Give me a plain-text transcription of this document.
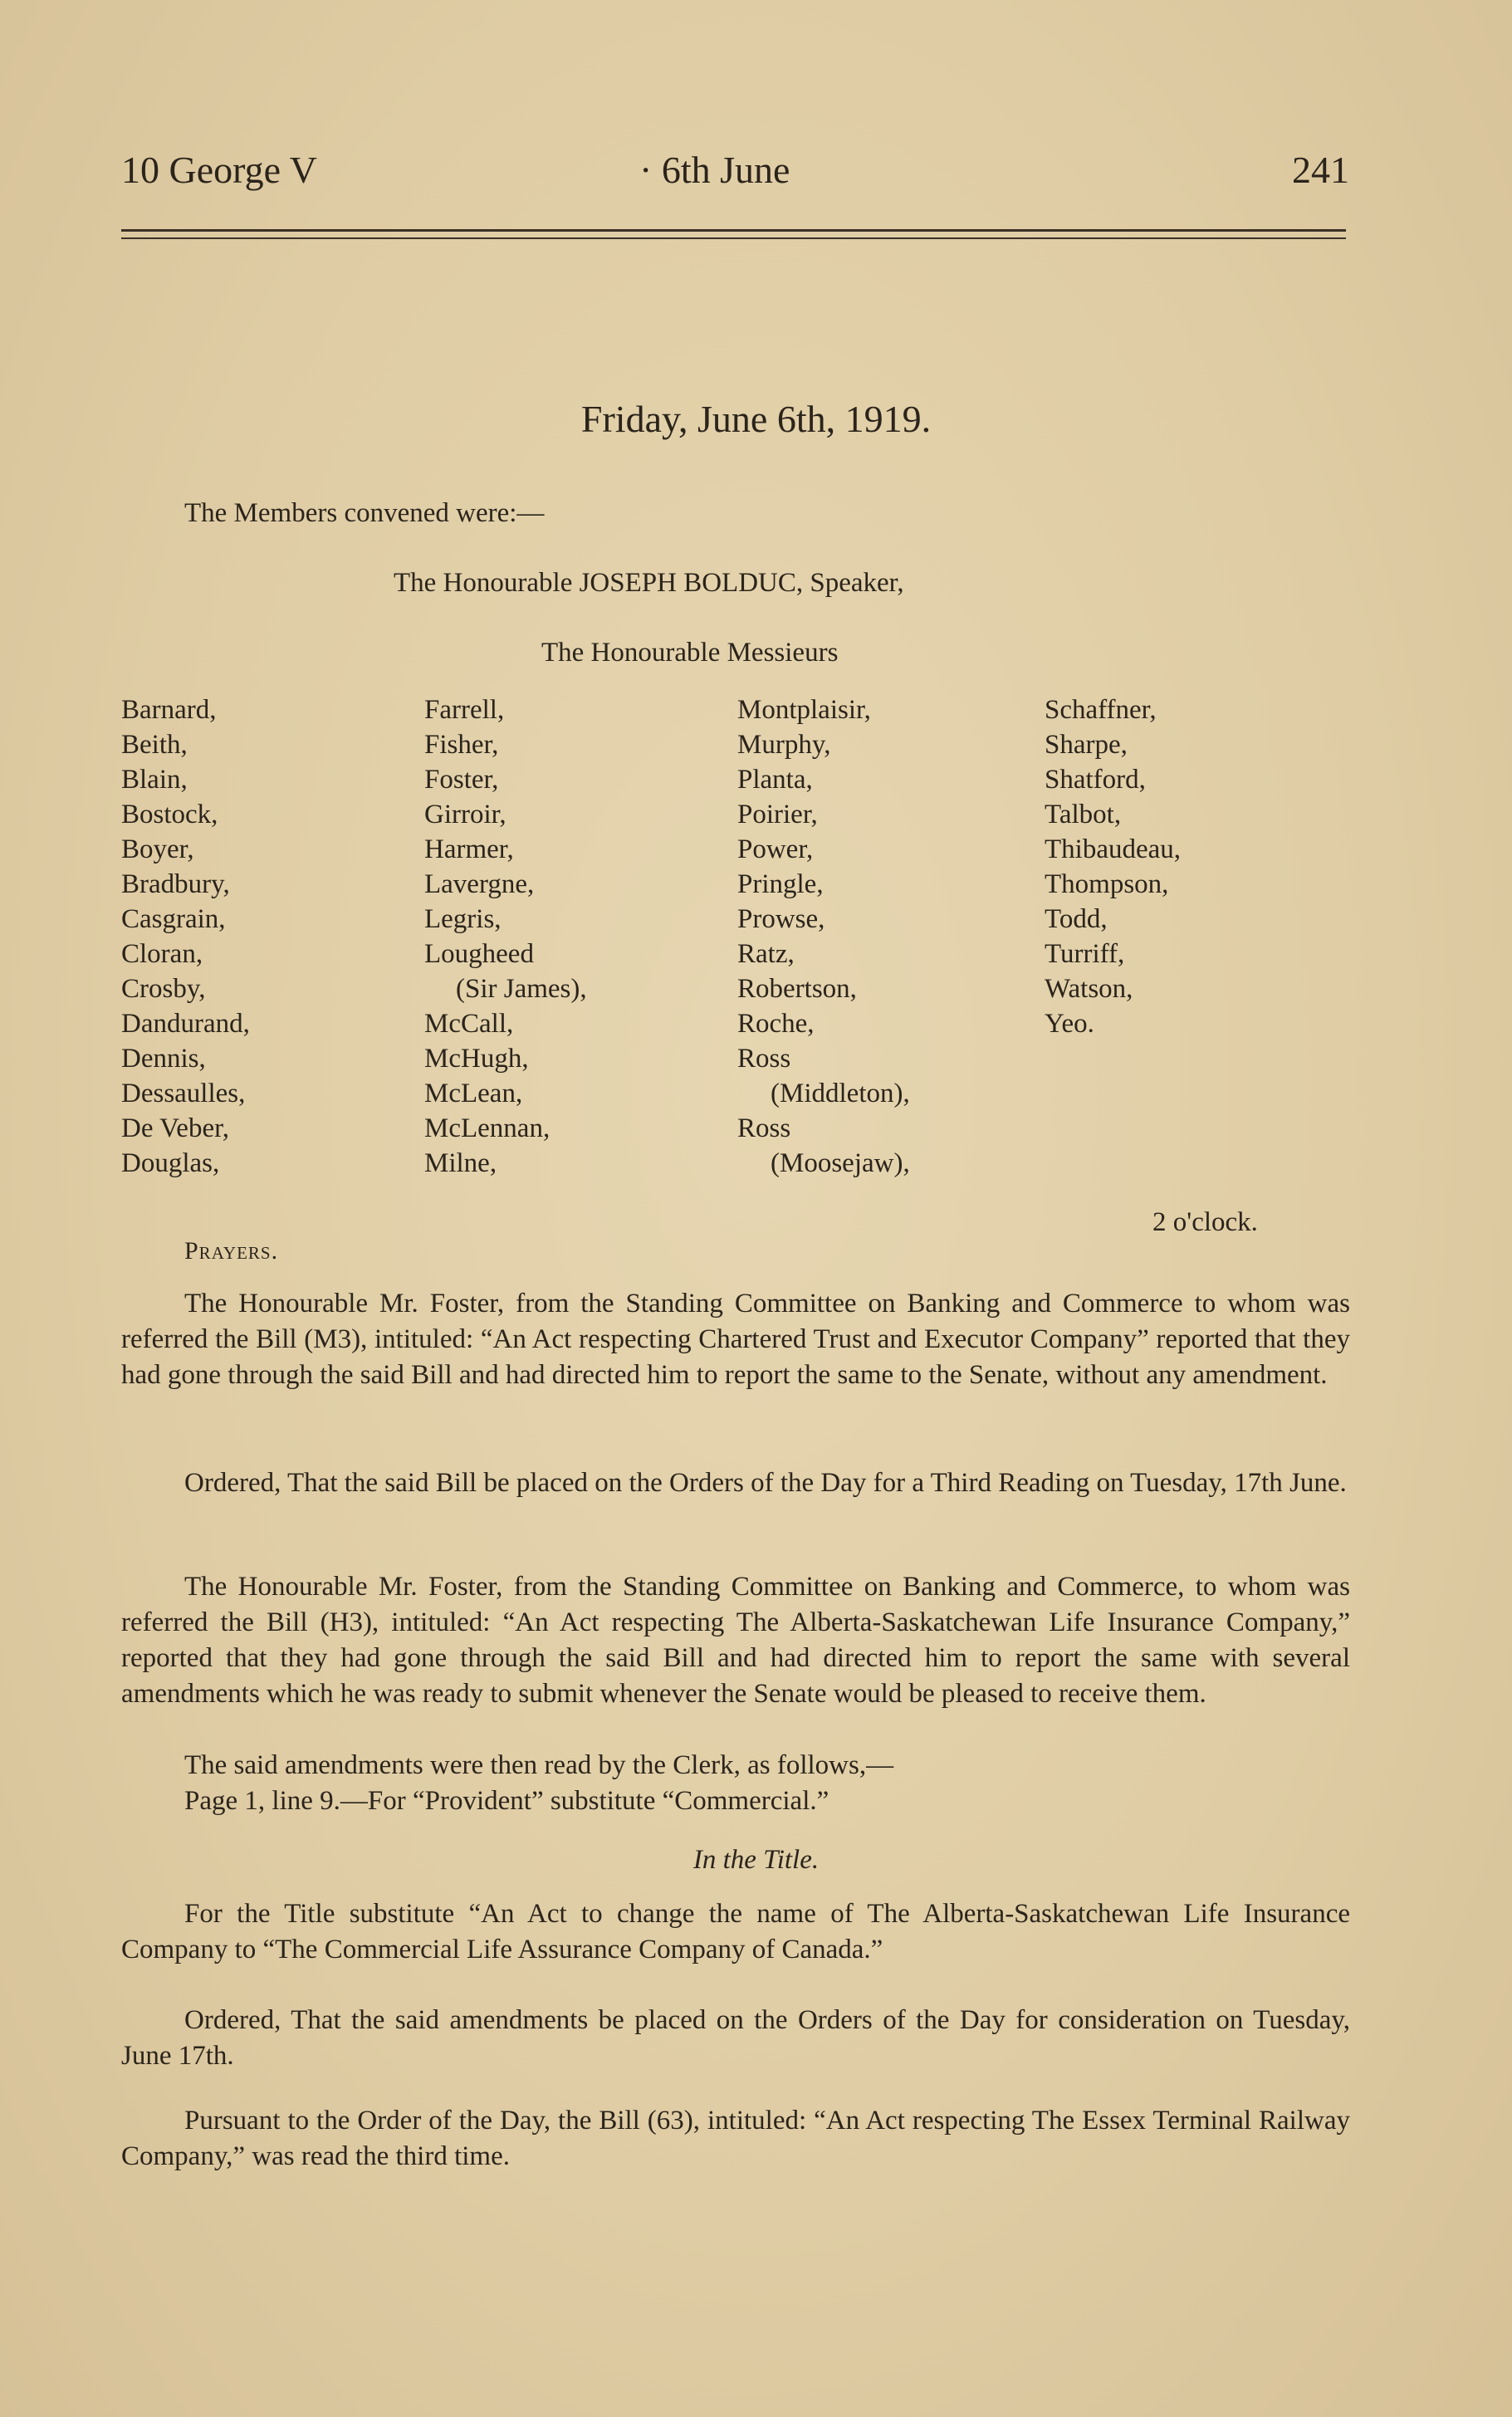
10 George V	· 6th June	241
Friday, June 6th, 1919.
The Members convened were:—
The Honourable JOSEPH BOLDUC, Speaker,
The Honourable Messieurs
Barnard,
Beith,
Blain,
Bostock,
Boyer,
Bradbury,
Casgrain,
Cloran,
Crosby,
Dandurand,
Dennis,
Dessaulles,
De Veber,
Douglas,
Farrell,
Fisher,
Foster,
Girroir,
Harmer,
Lavergne,
Legris,
Lougheed
(Sir James),
McCall,
McHugh,
McLean,
McLennan,
Milne,
Montplaisir,
Murphy,
Planta,
Poirier,
Power,
Pringle,
Prowse,
Ratz,
Robertson,
Roche,
Ross
(Middleton),
Ross
(Moosejaw),
Schaffner,
Sharpe,
Shatford,
Talbot,
Thibaudeau,
Thompson,
Todd,
Turriff,
Watson,
Yeo.
2 o'clock.
Prayers.
The Honourable Mr. Foster, from the Standing Committee on Banking and Commerce to whom was referred the Bill (M3), intituled: “An Act respecting Chartered Trust and Executor Company” reported that they had gone through the said Bill and had directed him to report the same to the Senate, without any amendment.
Ordered, That the said Bill be placed on the Orders of the Day for a Third Reading on Tuesday, 17th June.
The Honourable Mr. Foster, from the Standing Committee on Banking and Commerce, to whom was referred the Bill (H3), intituled: “An Act respecting The Alberta-Saskatchewan Life Insurance Company,” reported that they had gone through the said Bill and had directed him to report the same with several amendments which he was ready to submit whenever the Senate would be pleased to receive them.
The said amendments were then read by the Clerk, as follows,—
Page 1, line 9.—For “Provident” substitute “Commercial.”
In the Title.
For the Title substitute “An Act to change the name of The Alberta-Saskatchewan Life Insurance Company to “The Commercial Life Assurance Company of Canada.”
Ordered, That the said amendments be placed on the Orders of the Day for consideration on Tuesday, June 17th.
Pursuant to the Order of the Day, the Bill (63), intituled: “An Act respecting The Essex Terminal Railway Company,” was read the third time.
